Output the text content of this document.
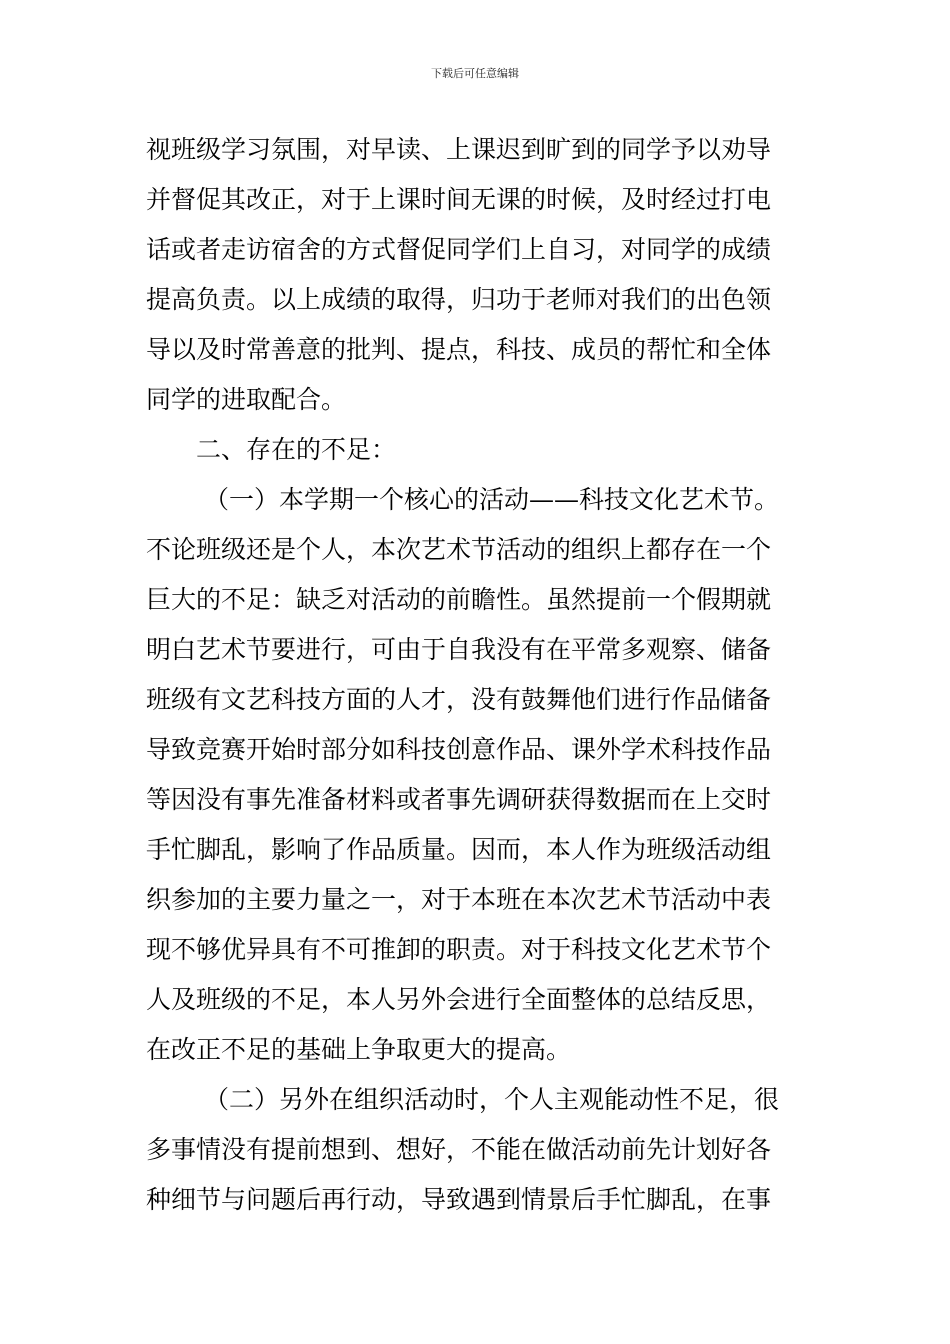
下载后可任意编辑
视班级学习氛围，对早读、上课迟到旷到的同学予以劝导
并督促其改正，对于上课时间无课的时候，及时经过打电
话或者走访宿舍的方式督促同学们上自习，对同学的成绩
提高负责。以上成绩的取得，归功于老师对我们的出色领
导以及时常善意的批判、提点，科技、成员的帮忙和全体
同学的进取配合。
二、存在的不足：
（一）本学期一个核心的活动——科技文化艺术节。
不论班级还是个人，本次艺术节活动的组织上都存在一个
巨大的不足：缺乏对活动的前瞻性。虽然提前一个假期就
明白艺术节要进行，可由于自我没有在平常多观察、储备
班级有文艺科技方面的人才，没有鼓舞他们进行作品储备
导致竞赛开始时部分如科技创意作品、课外学术科技作品
等因没有事先准备材料或者事先调研获得数据而在上交时
手忙脚乱，影响了作品质量。因而，本人作为班级活动组
织参加的主要力量之一，对于本班在本次艺术节活动中表
现不够优异具有不可推卸的职责。对于科技文化艺术节个
人及班级的不足，本人另外会进行全面整体的总结反思，
在改正不足的基础上争取更大的提高。
（二）另外在组织活动时，个人主观能动性不足，很
多事情没有提前想到、想好，不能在做活动前先计划好各
种细节与问题后再行动，导致遇到情景后手忙脚乱，在事
